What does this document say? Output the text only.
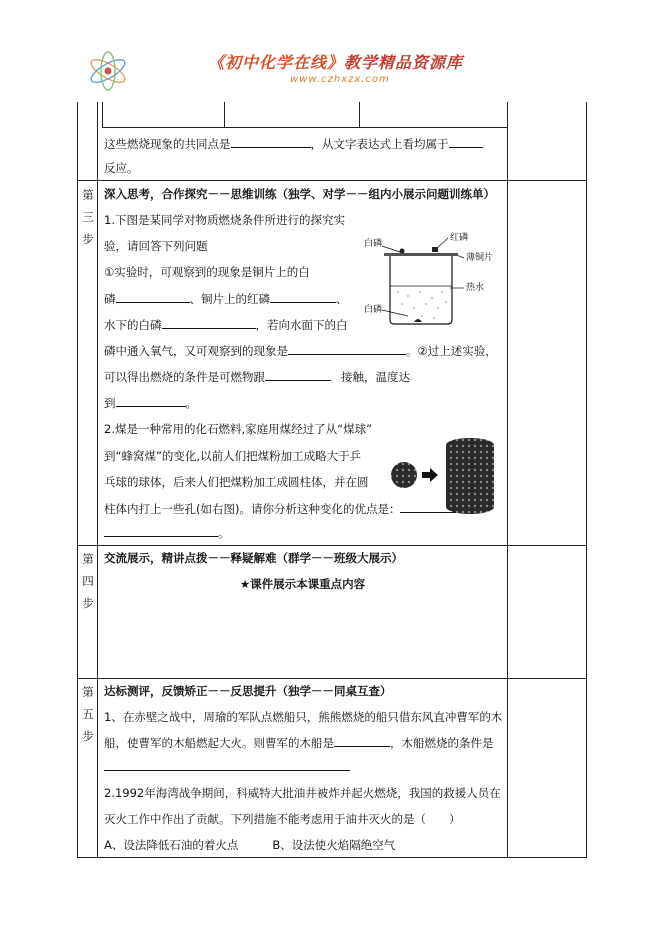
《初中化学在线》教学精品资源库
www.czhxzx.com
这些燃烧现象的共同点是	，从文字表达式上看均属于
反应。
第
三
步
深入思考，合作探究－－思维训练（独学、对学－－组内小展示问题训练单）
1.下图是某同学对物质燃烧条件所进行的探究实
验，请回答下列问题
①实验时，可观察到的现象是铜片上的白
磷	、铜片上的红磷	、
水下的白磷	，若向水面下的白
磷中通入氧气，又可观察到的现象是	。②过上述实验，
可以得出燃烧的条件是可燃物跟	接触，温度达
到	。
白磷
红磷
薄铜片
热水
白磷
2.煤是一种常用的化石燃料,家庭用煤经过了从“煤球”
到“蜂窝煤”的变化,以前人们把煤粉加工成略大于乒
乓球的球体，后来人们把煤粉加工成圆柱体，并在圆
柱体内打上一些孔(如右图)。请你分析这种变化的优点是：
。
第
四
步
交流展示，精讲点拨－－释疑解难（群学－－班级大展示）
★课件展示本课重点内容
第
五
步
达标测评，反馈矫正－－反思提升（独学－－同桌互查）
1、在赤壁之战中，周瑜的军队点燃船只，熊熊燃烧的船只借东风直冲曹军的木
船，使曹军的木船燃起大火。则曹军的木船是	，木船燃烧的条件是
2.1992年海湾战争期间，科威特大批油井被炸并起火燃烧，我国的救援人员在
灭火工作中作出了贡献。下列措施不能考虑用于油井灭火的是（　　）
A、设法降低石油的着火点	B、设法使火焰隔绝空气
